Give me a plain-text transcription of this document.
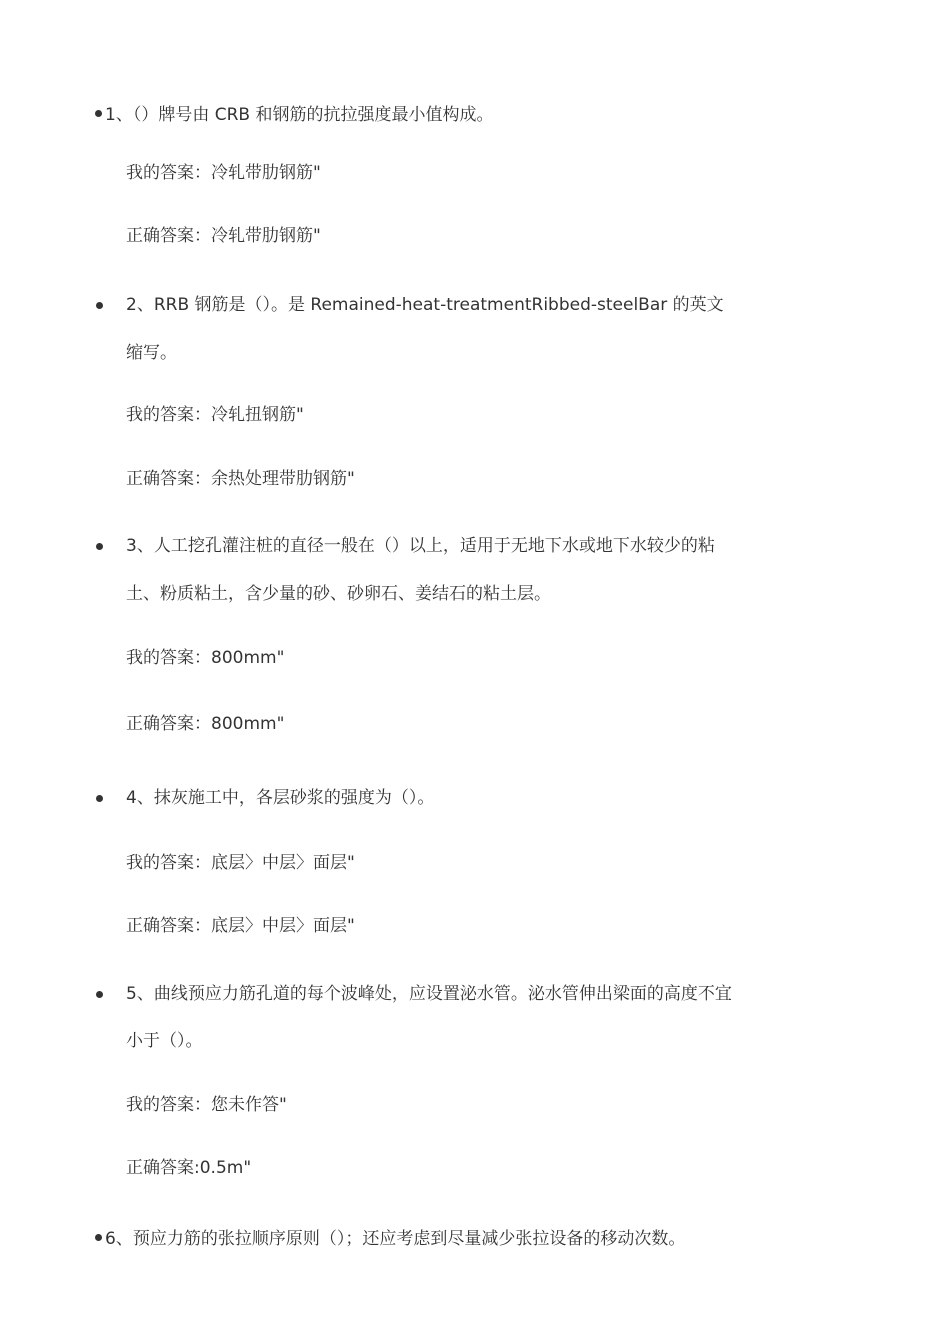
1、（）牌号由 CRB 和钢筋的抗拉强度最小值构成。
我的答案：冷轧带肋钢筋"
正确答案：冷轧带肋钢筋"
2、RRB 钢筋是（）。是 Remained-heat-treatmentRibbed-steelBar 的英文
缩写。
我的答案：冷轧扭钢筋"
正确答案：余热处理带肋钢筋"
3、人工挖孔灌注桩的直径一般在（）以上，适用于无地下水或地下水较少的粘
土、粉质粘土，含少量的砂、砂卵石、姜结石的粘土层。
我的答案：800mm"
正确答案：800mm"
4、抹灰施工中，各层砂浆的强度为（）。
我的答案：底层〉中层〉面层"
正确答案：底层〉中层〉面层"
5、曲线预应力筋孔道的每个波峰处，应设置泌水管。泌水管伸出梁面的高度不宜
小于（）。
我的答案：您未作答"
正确答案:0.5m"
6、预应力筋的张拉顺序原则（）；还应考虑到尽量减少张拉设备的移动次数。
